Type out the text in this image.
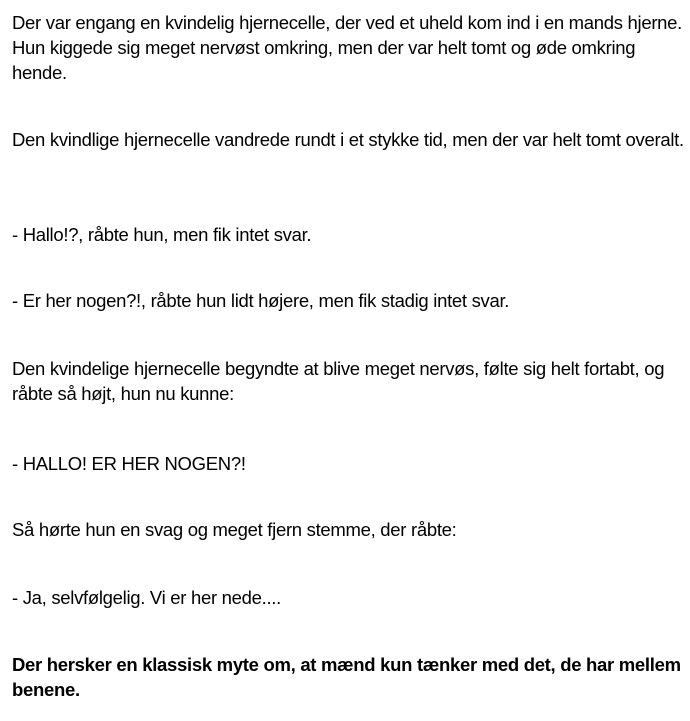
Der var engang en kvindelig hjernecelle, der ved et uheld kom ind i en mands hjerne. Hun kiggede sig meget nervøst omkring, men der var helt tomt og øde omkring hende.

Den kvindlige hjernecelle vandrede rundt i et stykke tid, men der var helt tomt overalt.

- Hallo!?, råbte hun, men fik intet svar.

- Er her nogen?!, råbte hun lidt højere, men fik stadig intet svar.

Den kvindelige hjernecelle begyndte at blive meget nervøs, følte sig helt fortabt, og råbte så højt, hun nu kunne:

- HALLO! ER HER NOGEN?!

Så hørte hun en svag og meget fjern stemme, der råbte:

- Ja, selvfølgelig. Vi er her nede....

Der hersker en klassisk myte om, at mænd kun tænker med det, de har mellem benene.
